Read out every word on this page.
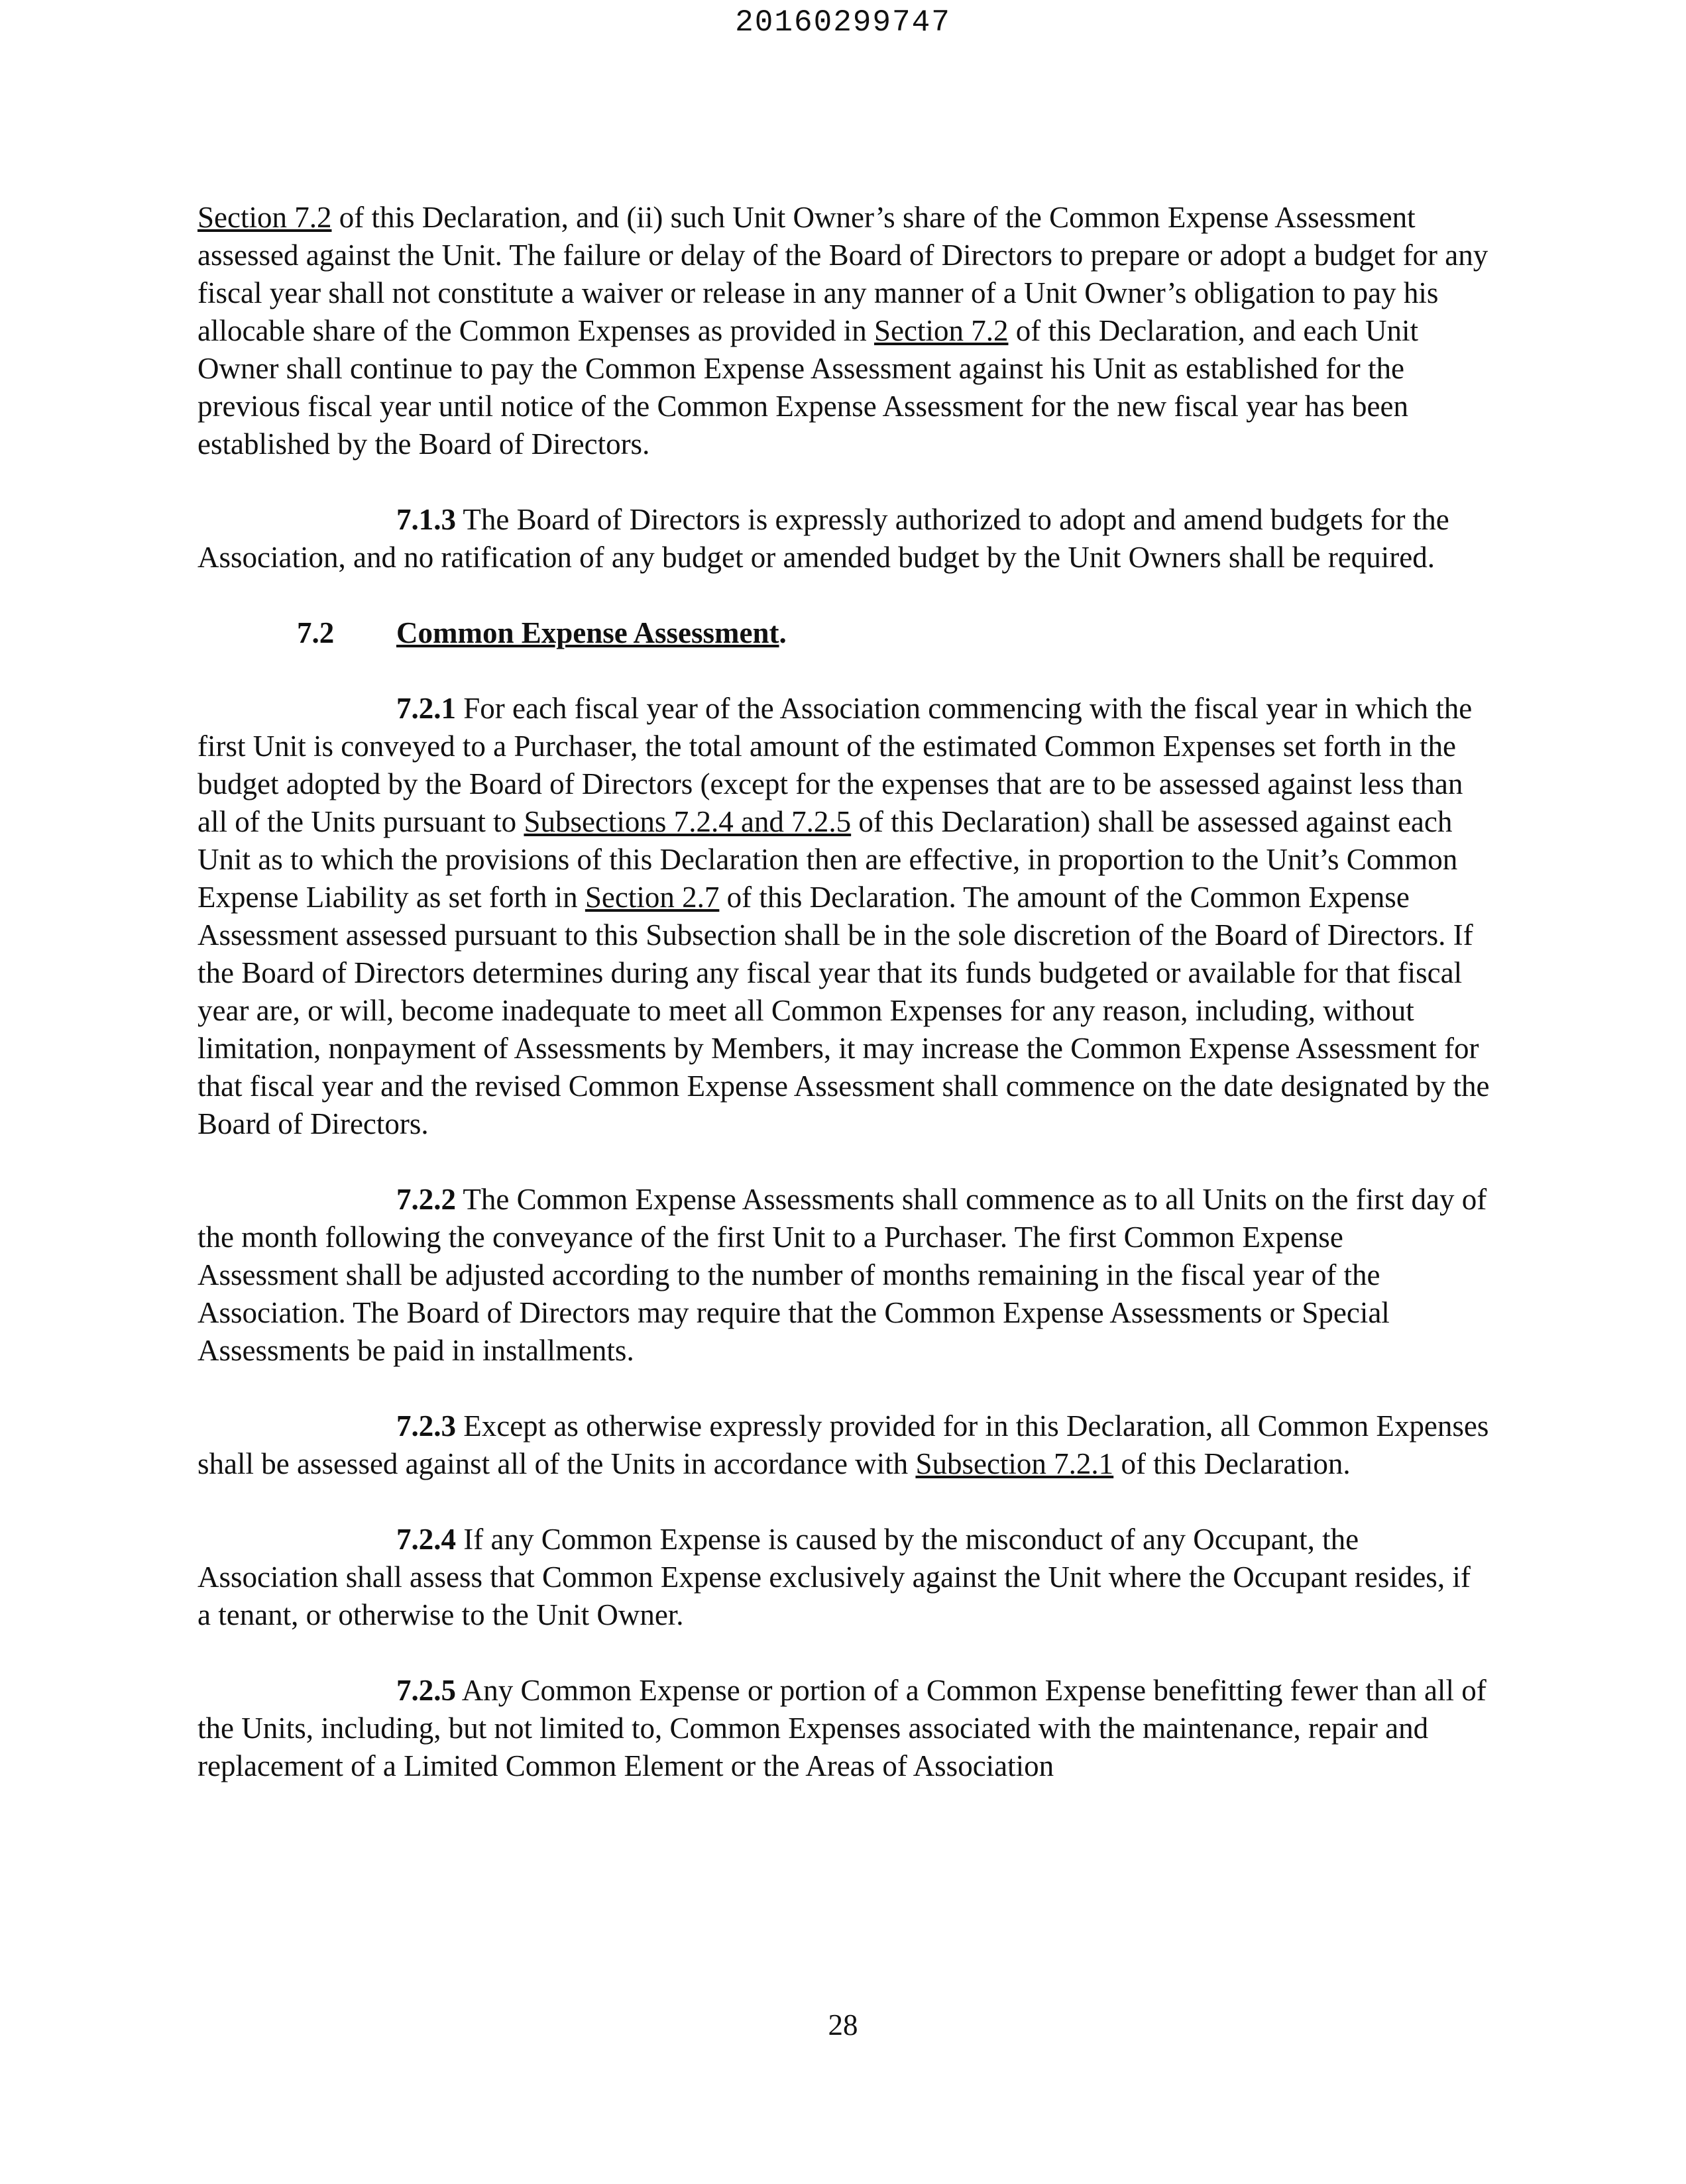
20160299747

Section 7.2 of this Declaration, and (ii) such Unit Owner’s share of the Common Expense Assessment assessed against the Unit. The failure or delay of the Board of Directors to prepare or adopt a budget for any fiscal year shall not constitute a waiver or release in any manner of a Unit Owner’s obligation to pay his allocable share of the Common Expenses as provided in Section 7.2 of this Declaration, and each Unit Owner shall continue to pay the Common Expense Assessment against his Unit as established for the previous fiscal year until notice of the Common Expense Assessment for the new fiscal year has been established by the Board of Directors.

7.1.3 The Board of Directors is expressly authorized to adopt and amend budgets for the Association, and no ratification of any budget or amended budget by the Unit Owners shall be required.

7.2 Common Expense Assessment.

7.2.1 For each fiscal year of the Association commencing with the fiscal year in which the first Unit is conveyed to a Purchaser, the total amount of the estimated Common Expenses set forth in the budget adopted by the Board of Directors (except for the expenses that are to be assessed against less than all of the Units pursuant to Subsections 7.2.4 and 7.2.5 of this Declaration) shall be assessed against each Unit as to which the provisions of this Declaration then are effective, in proportion to the Unit’s Common Expense Liability as set forth in Section 2.7 of this Declaration. The amount of the Common Expense Assessment assessed pursuant to this Subsection shall be in the sole discretion of the Board of Directors. If the Board of Directors determines during any fiscal year that its funds budgeted or available for that fiscal year are, or will, become inadequate to meet all Common Expenses for any reason, including, without limitation, nonpayment of Assessments by Members, it may increase the Common Expense Assessment for that fiscal year and the revised Common Expense Assessment shall commence on the date designated by the Board of Directors.

7.2.2 The Common Expense Assessments shall commence as to all Units on the first day of the month following the conveyance of the first Unit to a Purchaser. The first Common Expense Assessment shall be adjusted according to the number of months remaining in the fiscal year of the Association. The Board of Directors may require that the Common Expense Assessments or Special Assessments be paid in installments.

7.2.3 Except as otherwise expressly provided for in this Declaration, all Common Expenses shall be assessed against all of the Units in accordance with Subsection 7.2.1 of this Declaration.

7.2.4 If any Common Expense is caused by the misconduct of any Occupant, the Association shall assess that Common Expense exclusively against the Unit where the Occupant resides, if a tenant, or otherwise to the Unit Owner.

7.2.5 Any Common Expense or portion of a Common Expense benefitting fewer than all of the Units, including, but not limited to, Common Expenses associated with the maintenance, repair and replacement of a Limited Common Element or the Areas of Association

28
